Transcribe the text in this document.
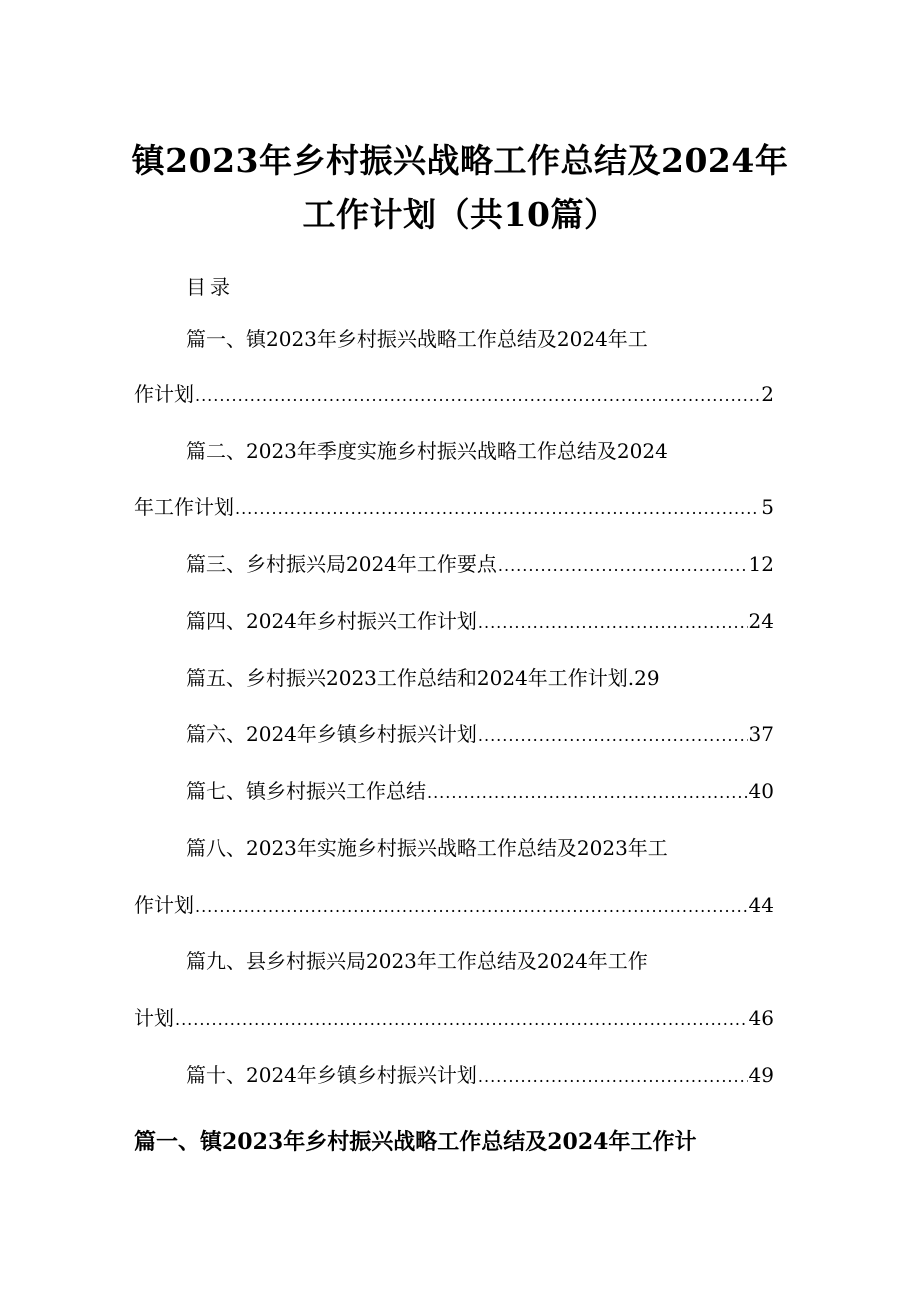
镇2023年乡村振兴战略工作总结及2024年
工作计划（共10篇）
目录
篇一、镇2023年乡村振兴战略工作总结及2024年工
作计划 .....	2
篇二、2023年季度实施乡村振兴战略工作总结及2024
年工作计划 .....	5
篇三、乡村振兴局2024年工作要点 .....	12
篇四、2024年乡村振兴工作计划 .....	24
篇五、乡村振兴2023工作总结和2024年工作计划. 29
篇六、2024年乡镇乡村振兴计划 .....	37
篇七、镇乡村振兴工作总结 .....	40
篇八、2023年实施乡村振兴战略工作总结及2023年工
作计划 .....	44
篇九、县乡村振兴局2023年工作总结及2024年工作
计划 .....	46
篇十、2024年乡镇乡村振兴计划 .....	49
篇一、镇2023年乡村振兴战略工作总结及2024年工作计
